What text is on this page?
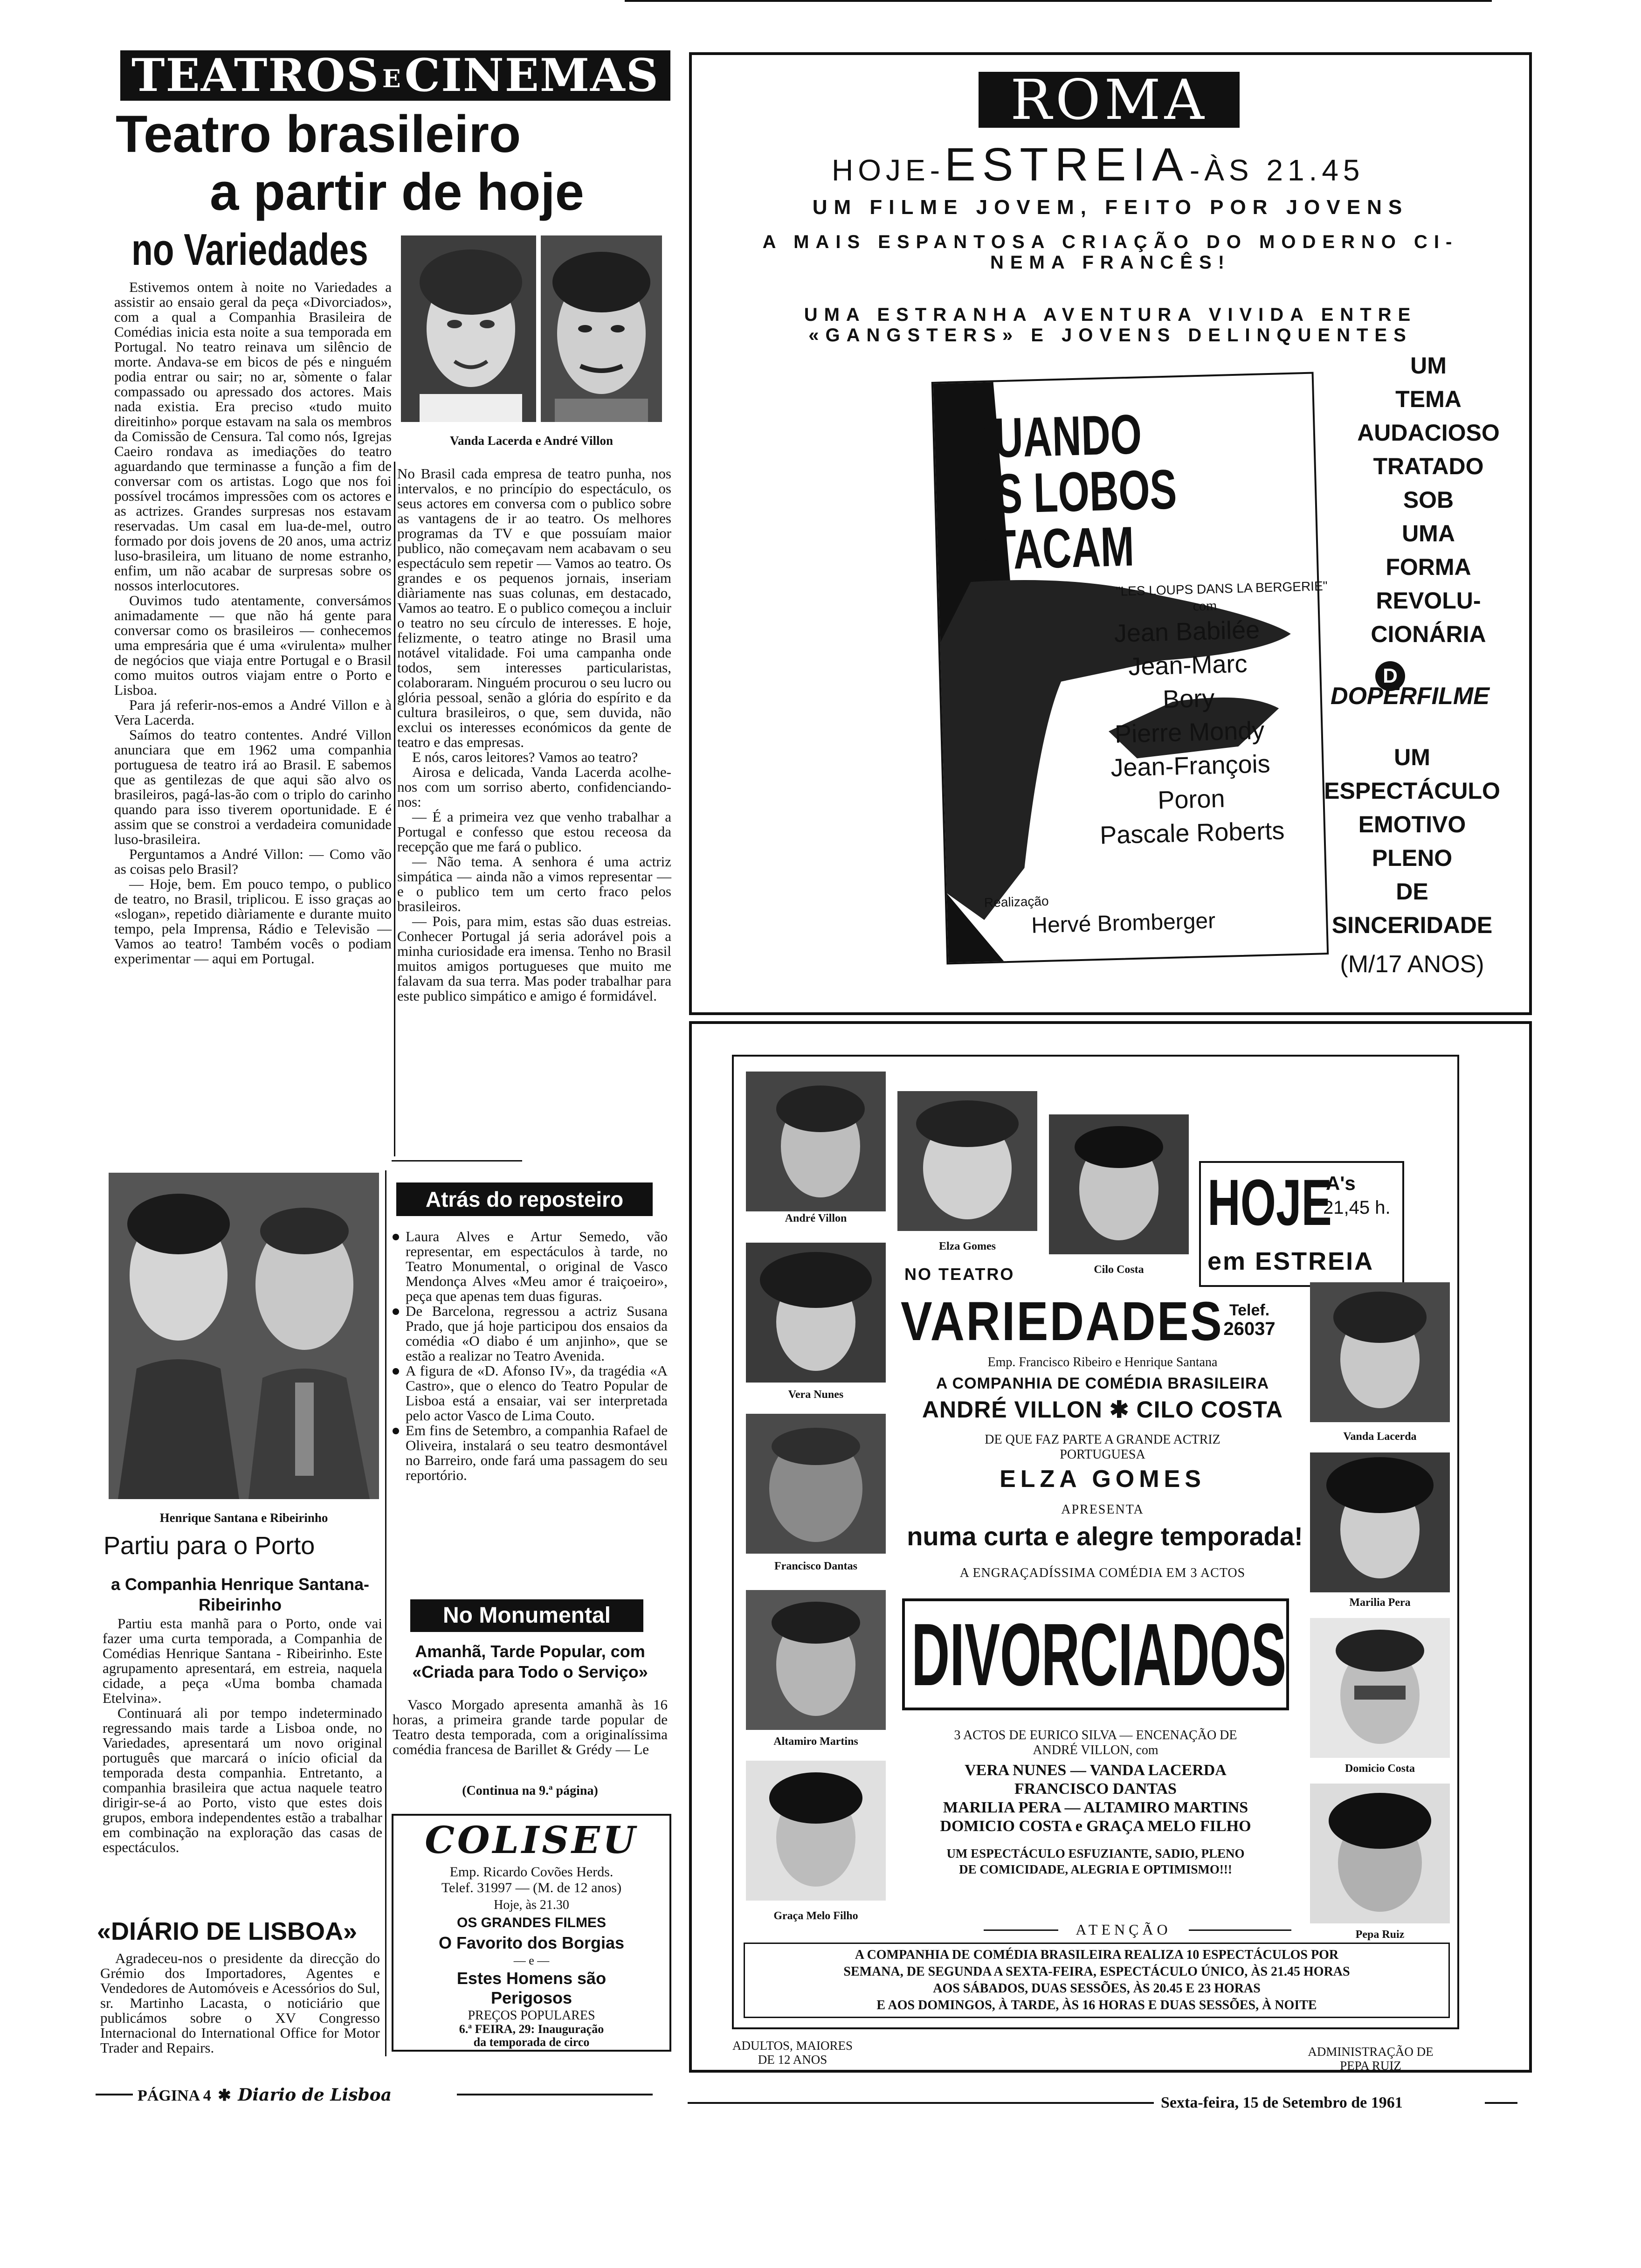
TEATROS ECINEMAS
Teatro brasileiro
a partir de hoje
no Variedades
Vanda Lacerda e André Villon

Estivemos ontem à noite no Variedades a assistir ao ensaio geral da peça «Divorciados», com a qual a Companhia Brasileira de Comédias inicia esta noite a sua temporada em Portugal. No teatro reinava um silêncio de morte. Andava-se em bicos de pés e ninguém podia entrar ou sair; no ar, sòmente o falar compassado ou apressado dos actores. Mais nada existia. Era preciso «tudo muito direitinho» porque estavam na sala os membros da Comissão de Censura. Tal como nós, Igrejas Caeiro rondava as imediações do teatro aguardando que terminasse a função a fim de conversar com os artistas. Logo que nos foi possível trocámos impressões com os actores e as actrizes. Grandes surpresas nos estavam reservadas. Um casal em lua-de-mel, outro formado por dois jovens de 20 anos, uma actriz luso-brasileira, um lituano de nome estranho, enfim, um não acabar de surpresas sobre os nossos interlocutores.

Ouvimos tudo atentamente, conversámos animadamente — que não há gente para conversar como os brasileiros — conhecemos uma empresária que é uma «virulenta» mulher de negócios que viaja entre Portugal e o Brasil como muitos outros viajam entre o Porto e Lisboa.

Para já referir-nos-emos a André Villon e à Vera Lacerda.

Saímos do teatro contentes. André Villon anunciara que em 1962 uma companhia portuguesa de teatro irá ao Brasil. E sabemos que as gentilezas de que aqui são alvo os brasileiros, pagá-las-ão com o triplo do carinho quando para isso tiverem oportunidade. E é assim que se constroi a verdadeira comunidade luso-brasileira.

Perguntamos a André Villon: — Como vão as coisas pelo Brasil?

— Hoje, bem. Em pouco tempo, o publico de teatro, no Brasil, triplicou. E isso graças ao «slogan», repetido diàriamente e durante muito tempo, pela Imprensa, Rádio e Televisão — Vamos ao teatro! Também vocês o podiam experimentar — aqui em Portugal.

No Brasil cada empresa de teatro punha, nos intervalos, e no princípio do espectáculo, os seus actores em conversa com o publico sobre as vantagens de ir ao teatro. Os melhores programas da TV e que possuíam maior publico, não começavam nem acabavam o seu espectáculo sem repetir — Vamos ao teatro. Os grandes e os pequenos jornais, inseriam diàriamente nas suas colunas, em destacado, Vamos ao teatro. E o publico começou a incluir o teatro no seu círculo de interesses. E hoje, felizmente, o teatro atinge no Brasil uma notável vitalidade. Foi uma campanha onde todos, sem interesses particularistas, colaboraram. Ninguém procurou o seu lucro ou glória pessoal, senão a glória do espírito e da cultura brasileiros, o que, sem duvida, não exclui os interesses económicos da gente de teatro e das empresas.

E nós, caros leitores? Vamos ao teatro?

Airosa e delicada, Vanda Lacerda acolhe-nos com um sorriso aberto, confidenciando-nos:

— É a primeira vez que venho trabalhar a Portugal e confesso que estou receosa da recepção que me fará o publico.

— Não tema. A senhora é uma actriz simpática — ainda não a vimos representar — e o publico tem um certo fraco pelos brasileiros.

— Pois, para mim, estas são duas estreias. Conhecer Portugal já seria adorável pois a minha curiosidade era imensa. Tenho no Brasil muitos amigos portugueses que muito me falavam da sua terra. Mas poder trabalhar para este publico simpático e amigo é formidável.

Henrique Santana e Ribeirinho
Partiu para o Porto
a Companhia Henrique Santana-Ribeirinho

Partiu esta manhã para o Porto, onde vai fazer uma curta temporada, a Companhia de Comédias Henrique Santana - Ribeirinho. Este agrupamento apresentará, em estreia, naquela cidade, a peça «Uma bomba chamada Etelvina».

Continuará ali por tempo indeterminado regressando mais tarde a Lisboa onde, no Variedades, apresentará um novo original português que marcará o início oficial da temporada desta companhia. Entretanto, a companhia brasileira que actua naquele teatro dirigir-se-á ao Porto, visto que estes dois grupos, embora independentes estão a trabalhar em combinação na exploração das casas de espectáculos.

«DIÁRIO DE LISBOA»

Agradeceu-nos o presidente da direcção do Grémio dos Importadores, Agentes e Vendedores de Automóveis e Acessórios do Sul, sr. Martinho Lacasta, o noticiário que publicámos sobre o XV Congresso Internacional do International Office for Motor Trader and Repairs.

Atrás do reposteiro
Laura Alves e Artur Semedo, vão representar, em espectáculos à tarde, no Teatro Monumental, o original de Vasco Mendonça Alves «Meu amor é traiçoeiro», peça que apenas tem duas figuras.
De Barcelona, regressou a actriz Susana Prado, que já hoje participou dos ensaios da comédia «O diabo é um anjinho», que se estão a realizar no Teatro Avenida.
A figura de «D. Afonso IV», da tragédia «A Castro», que o elenco do Teatro Popular de Lisboa está a ensaiar, vai ser interpretada pelo actor Vasco de Lima Couto.
Em fins de Setembro, a companhia Rafael de Oliveira, instalará o seu teatro desmontável no Barreiro, onde fará uma passagem do seu reportório.
No Monumental
Amanhã, Tarde Popular, com «Criada para Todo o Serviço»

Vasco Morgado apresenta amanhã às 16 horas, a primeira grande tarde popular de Teatro desta temporada, com a originalíssima comédia francesa de Barillet & Grédy — Le

(Continua na 9.ª página)
COLISEU
Emp. Ricardo Covões Herds.
Telef. 31997 — (M. de 12 anos)
Hoje, às 21.30
OS GRANDES FILMES
O Favorito dos Borgias
— e —
Estes Homens são
Perigosos
PREÇOS POPULARES
6.ª FEIRA, 29: Inauguração
da temporada de circo
ROMA
HOJE-ESTREIA-ÀS 21.45
UM FILME JOVEM, FEITO POR JOVENS
A MAIS ESPANTOSA CRIAÇÃO DO MODERNO CI-
NEMA FRANCÊS!
UMA ESTRANHA AVENTURA VIVIDA ENTRE
«GANGSTERS» E JOVENS DELINQUENTES
QUANDO
OS LOBOS
ATACAM
"LES LOUPS DANS LA BERGERIE"
com
Jean Babilée
Jean-Marc
Bory
Pierre Mondy
Jean-François
Poron
Pascale Roberts
Realização
Hervé Bromberger
UM
TEMA
AUDACIOSO
TRATADO
SOB
UMA
FORMA
REVOLU-
CIONÁRIA
D
DOPERFILME
UM
ESPECTÁCULO
EMOTIVO
PLENO
DE
SINCERIDADE
(M/17 ANOS)
André Villon
Vera Nunes
Francisco Dantas
Altamiro Martins
Graça Melo Filho
Elza Gomes
Cilo Costa
HOJE
A's
21,45 h.
em ESTREIA
NO TEATRO
VARIEDADES Telef.
26037
Emp. Francisco Ribeiro e Henrique Santana
A COMPANHIA DE COMÉDIA BRASILEIRA
ANDRÉ VILLON ✱ CILO COSTA
DE QUE FAZ PARTE A GRANDE ACTRIZ
PORTUGUESA
ELZA GOMES
APRESENTA
numa curta e alegre temporada!
A ENGRAÇADÍSSIMA COMÉDIA EM 3 ACTOS
DIVORCIADOS
3 ACTOS DE EURICO SILVA — ENCENAÇÃO DE
ANDRÉ VILLON, com
VERA NUNES — VANDA LACERDA
FRANCISCO DANTAS
MARILIA PERA — ALTAMIRO MARTINS
DOMICIO COSTA e GRAÇA MELO FILHO
UM ESPECTÁCULO ESFUZIANTE, SADIO, PLENO
DE COMICIDADE, ALEGRIA E OPTIMISMO!!!
Vanda Lacerda
Marilia Pera
Domicio Costa
Pepa Ruiz
ATENÇÃO
A COMPANHIA DE COMÉDIA BRASILEIRA REALIZA 10 ESPECTÁCULOS POR
SEMANA, DE SEGUNDA A SEXTA-FEIRA, ESPECTÁCULO ÚNICO, ÀS 21.45 HORAS
AOS SÁBADOS, DUAS SESSÕES, ÀS 20.45 E 23 HORAS
E AOS DOMINGOS, À TARDE, ÀS 16 HORAS E DUAS SESSÕES, À NOITE
ADULTOS, MAIORES
DE 12 ANOS
ADMINISTRAÇÃO DE
PEPA RUIZ
PÁGINA 4 ✱ Diario de Lisboa	Sexta-feira, 15 de Setembro de 1961
